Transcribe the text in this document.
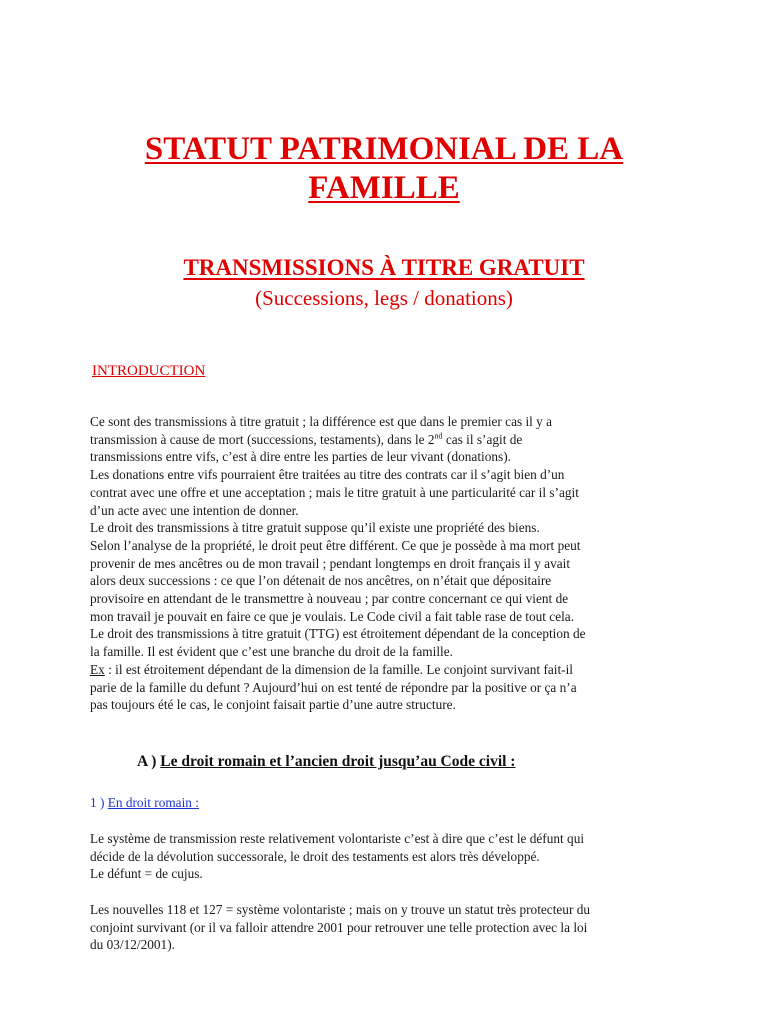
STATUT PATRIMONIAL DE LA
FAMILLE
TRANSMISSIONS À TITRE GRATUIT
(Successions, legs / donations)
INTRODUCTION
Ce sont des transmissions à titre gratuit ; la différence est que dans le premier cas il y a
transmission à cause de mort (successions, testaments), dans le 2nd cas il s’agit de
transmissions entre vifs, c’est à dire entre les parties de leur vivant (donations).
Les donations entre vifs pourraient être traitées au titre des contrats car il s’agit bien d’un
contrat avec une offre et une acceptation ; mais le titre gratuit à une particularité car il s’agit
d’un acte avec une intention de donner.
Le droit des transmissions à titre gratuit suppose qu’il existe une propriété des biens.
Selon l’analyse de la propriété, le droit peut être différent. Ce que je possède à ma mort peut
provenir de mes ancêtres ou de mon travail ; pendant longtemps en droit français il y avait
alors deux successions : ce que l’on détenait de nos ancêtres, on n’était que dépositaire
provisoire en attendant de le transmettre à nouveau ; par contre concernant ce qui vient de
mon travail je pouvait en faire ce que je voulais. Le Code civil a fait table rase de tout cela.
Le droit des transmissions à titre gratuit (TTG) est étroitement dépendant de la conception de
la famille. Il est évident que c’est une branche du droit de la famille.
Ex : il est étroitement dépendant de la dimension de la famille. Le conjoint survivant fait-il
parie de la famille du defunt ? Aujourd’hui on est tenté de répondre par la positive or ça n’a
pas toujours été le cas, le conjoint faisait partie d’une autre structure.
A ) Le droit romain et l’ancien droit jusqu’au Code civil :
1 ) En droit romain :
Le système de transmission reste relativement volontariste c’est à dire que c’est le défunt qui
décide de la dévolution successorale, le droit des testaments est alors très développé.
Le défunt = de cujus.
Les nouvelles 118 et 127 = système volontariste ; mais on y trouve un statut très protecteur du
conjoint survivant (or il va falloir attendre 2001 pour retrouver une telle protection avec la loi
du 03/12/2001).
